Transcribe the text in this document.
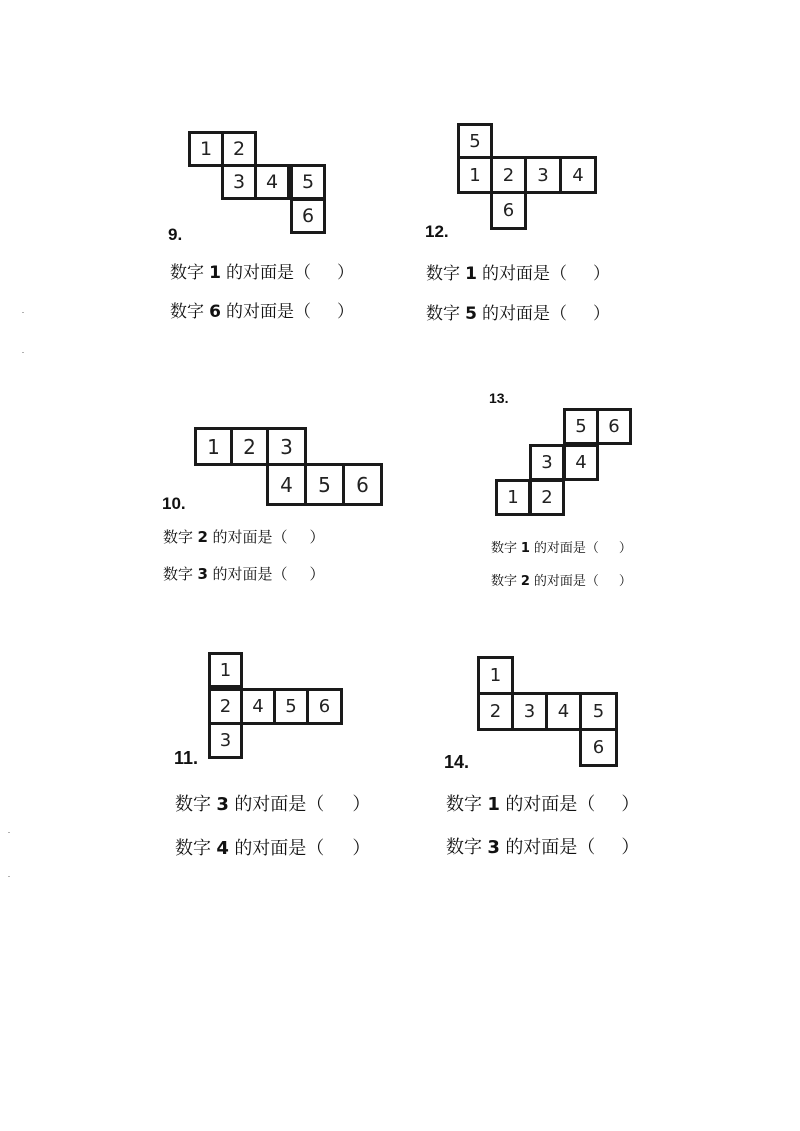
1	2
3	4	5
6
9.
数字 1 的对面是（ ）
数字 6 的对面是（ ）
5
1	2	3	4
6
12.
数字 1 的对面是（ ）
数字 5 的对面是（ ）
1	2	3
4	5	6
10.
数字 2 的对面是（ ）
数字 3 的对面是（ ）
13.
5	6
3	4
1	2
数字 1 的对面是（ ）
数字 2 的对面是（ ）
1
2	4	5	6
3
11.
数字 3 的对面是（ ）
数字 4 的对面是（ ）
1
2	3	4	5
6
14.
数字 1 的对面是（ ）
数字 3 的对面是（ ）
